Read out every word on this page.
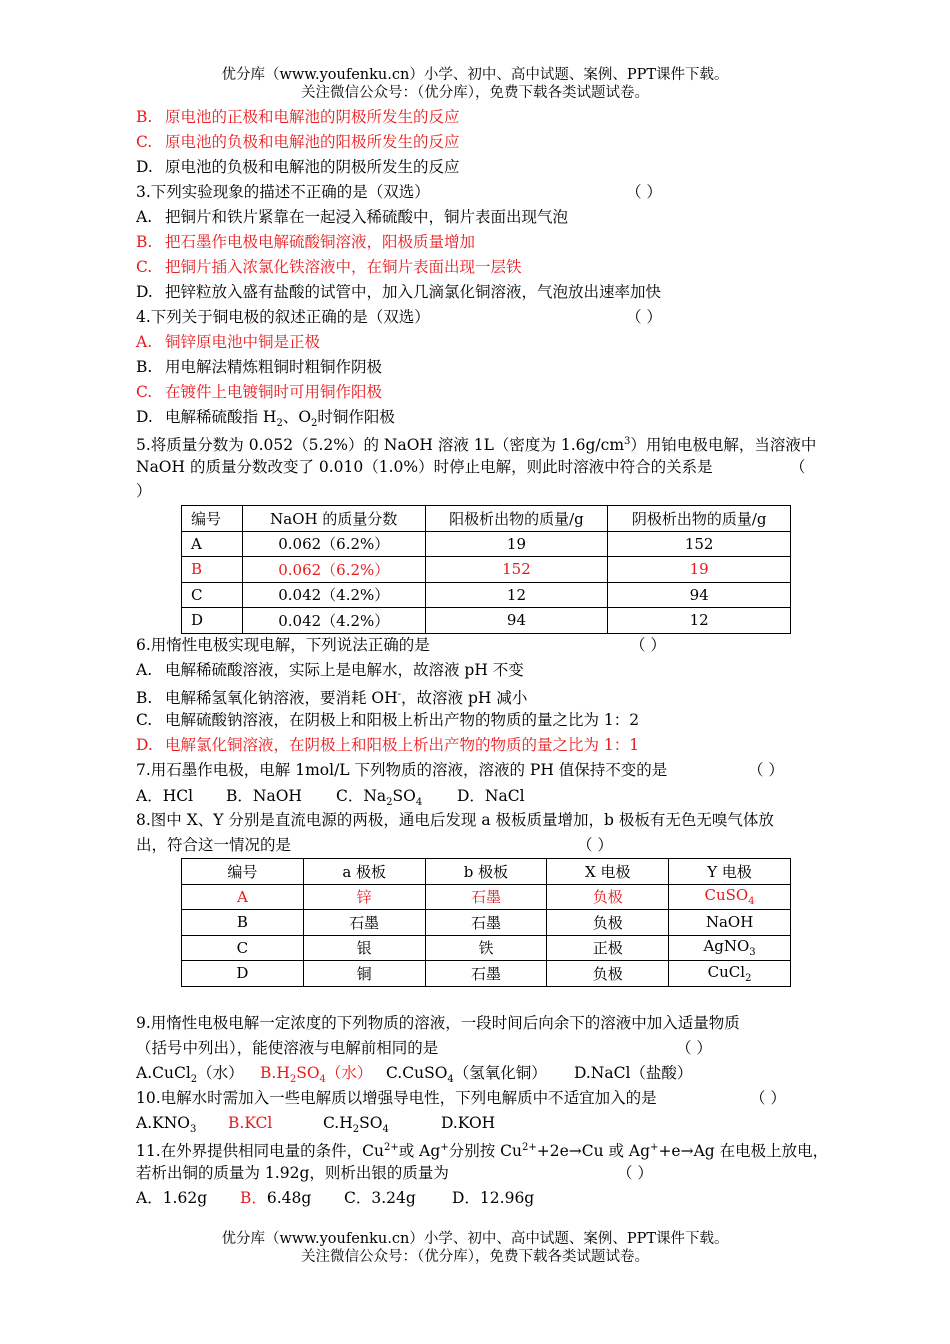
优分库（www.youfenku.cn）小学、初中、高中试题、案例、PPT课件下载。
关注微信公众号：（优分库），免费下载各类试题试卷。
B. 原电池的正极和电解池的阴极所发生的反应
C. 原电池的负极和电解池的阳极所发生的反应
D. 原电池的负极和电解池的阴极所发生的反应
3.下列实验现象的描述不正确的是（双选）	（ ）
A. 把铜片和铁片紧靠在一起浸入稀硫酸中，铜片表面出现气泡
B. 把石墨作电极电解硫酸铜溶液，阳极质量增加
C. 把铜片插入浓氯化铁溶液中，在铜片表面出现一层铁
D. 把锌粒放入盛有盐酸的试管中，加入几滴氯化铜溶液，气泡放出速率加快
4.下列关于铜电极的叙述正确的是（双选）	（ ）
A. 铜锌原电池中铜是正极
B. 用电解法精炼粗铜时粗铜作阴极
C. 在镀件上电镀铜时可用铜作阳极
D. 电解稀硫酸指 $H_2$、$O_2$时铜作阳极
5.将质量分数为 0.052（5.2%）的 NaOH 溶液 1L（密度为 $1.6g/cm^3$）用铂电极电解，当溶液中
NaOH 的质量分数改变了 0.010（1.0%）时停止电解，则此时溶液中符合的关系是	（
）
编号	NaOH 的质量分数	阳极析出物的质量/g	阴极析出物的质量/g
A	0.062（6.2%）	19	152
B	0.062（6.2%）	152	19
C	0.042（4.2%）	12	94
D	0.042（4.2%）	94	12
6.用惰性电极实现电解，下列说法正确的是	（ ）
A. 电解稀硫酸溶液，实际上是电解水，故溶液 pH 不变
B. 电解稀氢氧化钠溶液，要消耗 OH-，故溶液 pH 减小
C. 电解硫酸钠溶液，在阴极上和阳极上析出产物的物质的量之比为 1：2
D. 电解氯化铜溶液，在阴极上和阳极上析出产物的物质的量之比为 1：1
7.用石墨作电极，电解 1mol/L 下列物质的溶液，溶液的 PH 值保持不变的是	（ ）
A．HCl B．NaOH C．$Na_2SO_4$ D．NaCl
8.图中 X、Y 分别是直流电源的两极，通电后发现 a 极板质量增加，b 极板有无色无嗅气体放
出，符合这一情况的是	（ ）
编号	a 极板	b 极板	X 电极	Y 电极
A	锌	石墨	负极	CuSO$_4$
B	石墨	石墨	负极	NaOH
C	银	铁	正极	AgNO$_3$
D	铜	石墨	负极	CuCl$_2$
9.用惰性电极电解一定浓度的下列物质的溶液，一段时间后向余下的溶液中加入适量物质
（括号中列出），能使溶液与电解前相同的是	（ ）
A.CuCl$_2$（水） $B.H_2SO_4$（水） C.CuSO$_4$（氢氧化铜） D.NaCl（盐酸）
10.电解水时需加入一些电解质以增强导电性，下列电解质中不适宜加入的是	（ ）
$A.KNO_3$ B.KCl	$C.H_2SO_4$	D.KOH
11.在外界提供相同电量的条件，$Cu^{2+}$或 Ag+分别按 $Cu^{2+}+2e\to Cu$ 或 Ag++e→Ag 在电极上放电，
若析出铜的质量为 1.92g，则析出银的质量为	（ ）
A．1.62g B．6.48g C．3.24g D．12.96g
优分库（www.youfenku.cn）小学、初中、高中试题、案例、PPT课件下载。
关注微信公众号：（优分库），免费下载各类试题试卷。
